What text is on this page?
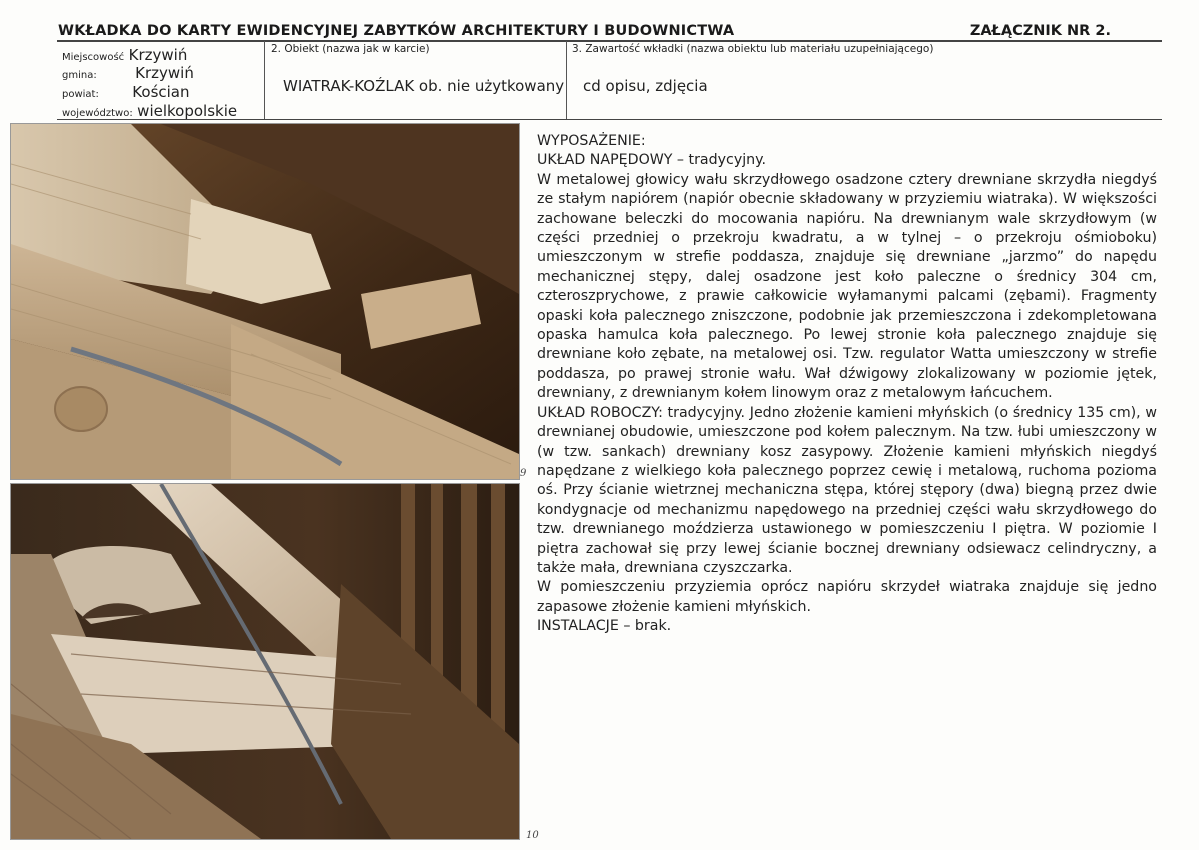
WKŁADKA DO KARTY EWIDENCYJNEJ ZABYTKÓW ARCHITEKTURY I BUDOWNICTWA	ZAŁĄCZNIK NR 2.
Miejscowość Krzywiń
gmina:	Krzywiń
powiat: Kościan
województwo: wielkopolskie
2. Obiekt (nazwa jak w karcie)
WIATRAK-KOŹLAK ob. nie użytkowany
3. Zawartość wkładki (nazwa obiektu lub materiału uzupełniającego)
cd opisu, zdjęcia
9
10

WYPOSAŻENIE:

UKŁAD NAPĘDOWY – tradycyjny.

W metalowej głowicy wału skrzydłowego osadzone cztery drewniane skrzydła niegdyś ze stałym napiórem (napiór obecnie składowany w przyziemiu wiatraka). W większości zachowane beleczki do mocowania napióru. Na drewnianym wale skrzydłowym (w części przedniej o przekroju kwadratu, a w tylnej – o przekroju ośmioboku) umieszczonym w strefie poddasza, znajduje się drewniane „jarzmo” do napędu mechanicznej stępy, dalej osadzone jest koło paleczne o średnicy 304 cm, czteroszprychowe, z prawie całkowicie wyłamanymi palcami (zębami). Fragmenty opaski koła palecznego zniszczone, podobnie jak przemieszczona i zdekompletowana opaska hamulca koła palecznego. Po lewej stronie koła palecznego znajduje się drewniane koło zębate, na metalowej osi. Tzw. regulator Watta umieszczony w strefie poddasza, po prawej stronie wału. Wał dźwigowy zlokalizowany w poziomie jętek, drewniany, z drewnianym kołem linowym oraz z metalowym łańcuchem.

UKŁAD ROBOCZY: tradycyjny. Jedno złożenie kamieni młyńskich (o średnicy 135 cm), w drewnianej obudowie, umieszczone pod kołem palecznym. Na tzw. łubi umieszczony w (w tzw. sankach) drewniany kosz zasypowy. Złożenie kamieni młyńskich niegdyś napędzane z wielkiego koła palecznego poprzez cewię i metalową, ruchoma pozioma oś. Przy ścianie wietrznej mechaniczna stępa, której stępory (dwa) biegną przez dwie kondygnacje od mechanizmu napędowego na przedniej części wału skrzydłowego do tzw. drewnianego moździerza ustawionego w pomieszczeniu I piętra. W poziomie I piętra zachował się przy lewej ścianie bocznej drewniany odsiewacz celindryczny, a także mała, drewniana czyszczarka.

W pomieszczeniu przyziemia oprócz napióru skrzydeł wiatraka znajduje się jedno zapasowe złożenie kamieni młyńskich.

INSTALACJE – brak.
